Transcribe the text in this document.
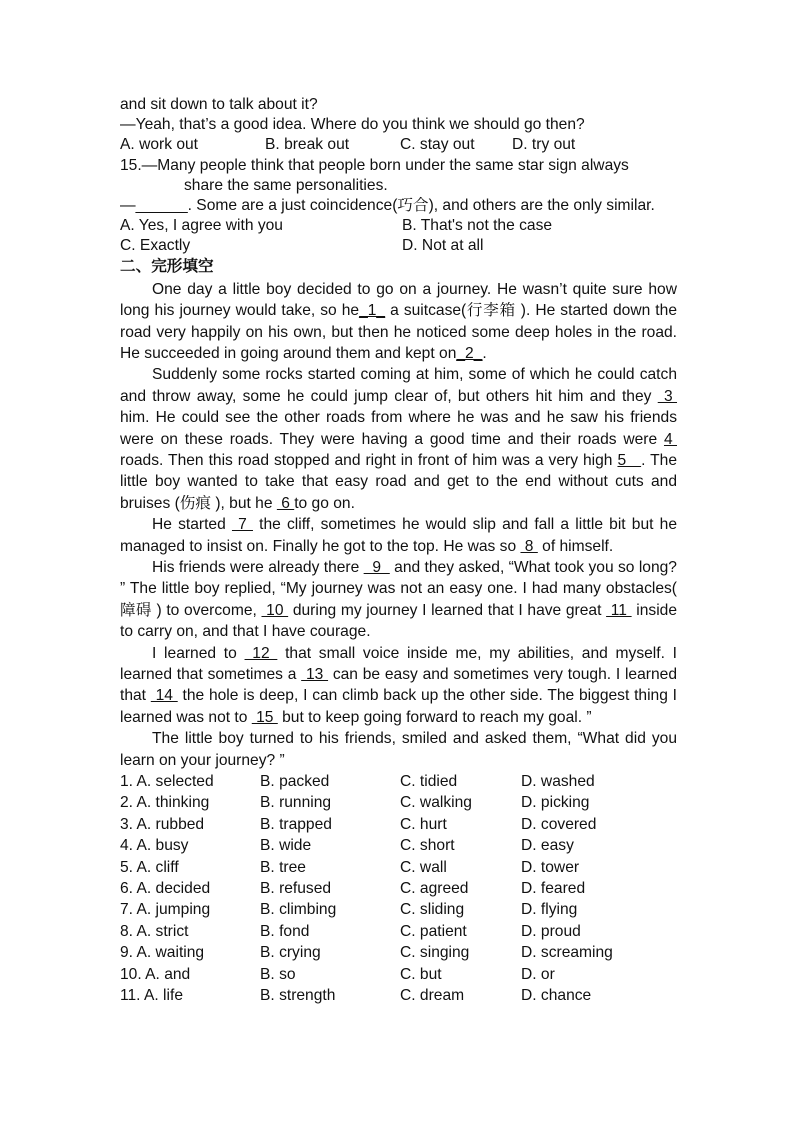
and sit down to talk about it?
—Yeah, that’s a good idea. Where do you think we should go then?
A. work out	B. break out	C. stay out D. try out
15.—Many people think that people born under the same star sign always
share the same personalities.
—______. Some are a just coincidence(巧合), and others are the only similar.
A. Yes, I agree with you	B. That's not the case
C. Exactly	D. Not at all
二、完形填空

One day a little boy decided to go on a journey. He wasn’t quite sure how long his journey would take, so he_1_ a suitcase(行李箱 ). He started down the road very happily on his own, but then he noticed some deep holes in the road. He succeeded in going around them and kept on_2_.

Suddenly some rocks started coming at him, some of which he could catch and throw away, some he could jump clear of, but others hit him and they  3  him. He could see the other roads from where he was and he saw his friends were on these roads. They were having a good time and their roads were 4  roads. Then this road stopped and right in front of him was a very high 5   . The little boy wanted to take that easy road and get to the end without cuts and bruises (伤痕 ), but he  6 to go on.

He started  7  the cliff, sometimes he would slip and fall a little bit but he managed to insist on. Finally he got to the top. He was so  8  of himself.

His friends were already there   9   and they asked, “What took you so long? ” The little boy replied, “My journey was not an easy one. I had many obstacles( 障碍 ) to overcome,  10  during my journey I learned that I have great  11  inside to carry on, and that I have courage.

I learned to  12  that small voice inside me, my abilities, and myself. I learned that sometimes a  13  can be easy and sometimes very tough. I learned that  14  the hole is deep, I can climb back up the other side. The biggest thing I learned was not to  15  but to keep going forward to reach my goal. ”

The little boy turned to his friends, smiled and asked them, “What did you learn on your journey? ”

1. A. selected	B. packed	C. tidied	D. washed
2. A. thinking	B. running	C. walking	D. picking
3. A. rubbed	B. trapped	C. hurt	D. covered
4. A. busy	B. wide	C. short	D. easy
5. A. cliff	B. tree	C. wall	D. tower
6. A. decided	B. refused	C. agreed	D. feared
7. A. jumping	B. climbing	C. sliding	D. flying
8. A. strict	B. fond	C. patient	D. proud
9. A. waiting	B. crying	C. singing	D. screaming
10. A. and	B. so	C. but	D. or
11. A. life	B. strength	C. dream	D. chance
